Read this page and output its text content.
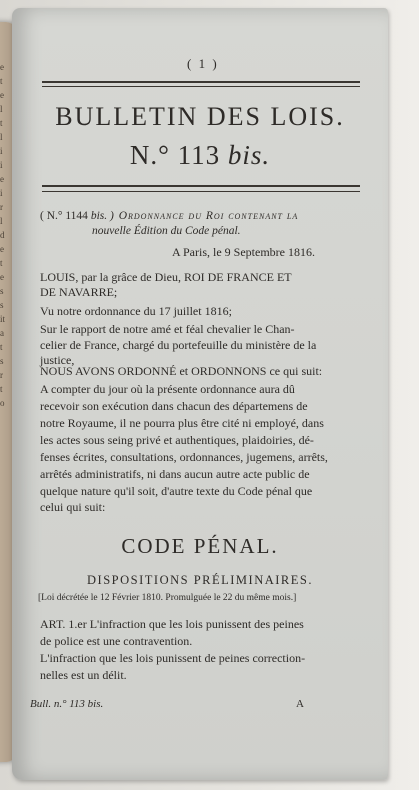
e
t
e
l
t
l
i
i
e
i
r
l
d
e
t
e
s
s
it
a
t
s
r
t
o
( 1 )
BULLETIN DES LOIS.
N.° 113 bis.
( N.° 1144 bis. ) Ordonnance du Roi contenant la
nouvelle Édition du Code pénal.
A Paris, le 9 Septembre 1816.
LOUIS, par la grâce de Dieu, ROI DE FRANCE ET
DE NAVARRE;
Vu notre ordonnance du 17 juillet 1816;
Sur le rapport de notre amé et féal chevalier le Chan-
celier de France, chargé du portefeuille du ministère de la
justice,
NOUS AVONS ORDONNÉ et ORDONNONS ce qui suit:
A compter du jour où la présente ordonnance aura dû
recevoir son exécution dans chacun des départemens de
notre Royaume, il ne pourra plus être cité ni employé, dans
les actes sous seing privé et authentiques, plaidoiries, dé-
fenses écrites, consultations, ordonnances, jugemens, arrêts,
arrêtés administratifs, ni dans aucun autre acte public de
quelque nature qu'il soit, d'autre texte du Code pénal que
celui qui suit:
CODE PÉNAL.
DISPOSITIONS PRÉLIMINAIRES.
[Loi décrétée le 12 Février 1810. Promulguée le 22 du même mois.]
ART. 1.er L'infraction que les lois punissent des peines
de police est une contravention.
L'infraction que les lois punissent de peines correction-
nelles est un délit.
Bull. n.° 113 bis.	A
